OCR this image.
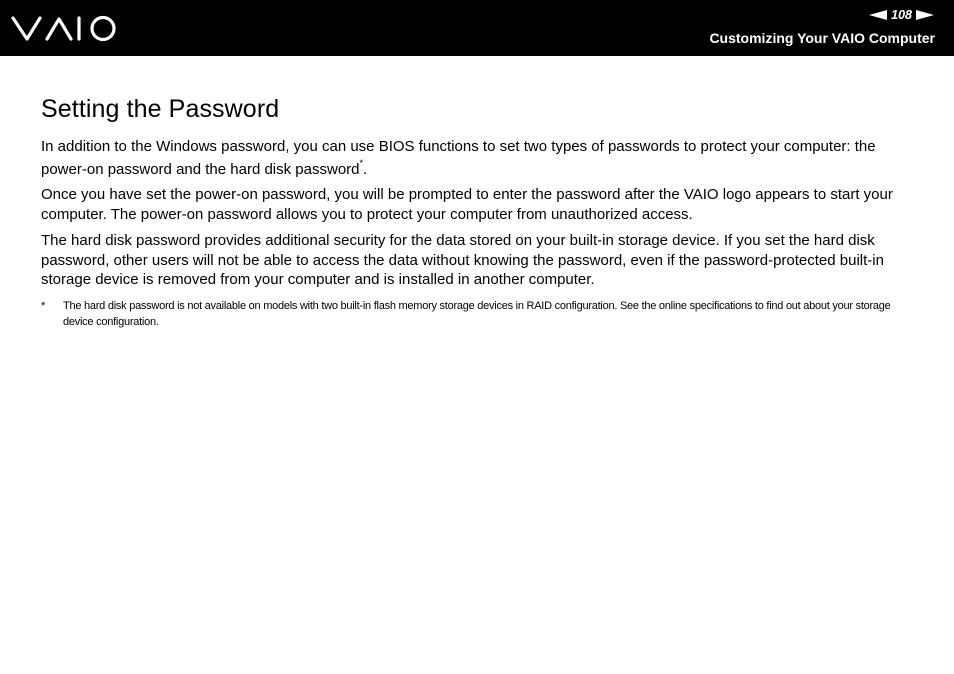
108
Customizing Your VAIO Computer
Setting the Password

In addition to the Windows password, you can use BIOS functions to set two types of passwords to protect your computer: the power-on password and the hard disk password*.

Once you have set the power-on password, you will be prompted to enter the password after the VAIO logo appears to start your computer. The power-on password allows you to protect your computer from unauthorized access.

The hard disk password provides additional security for the data stored on your built-in storage device. If you set the hard disk password, other users will not be able to access the data without knowing the password, even if the password-protected built-in storage device is removed from your computer and is installed in another computer.

* The hard disk password is not available on models with two built-in flash memory storage devices in RAID configuration. See the online specifications to find out about your storage device configuration.
